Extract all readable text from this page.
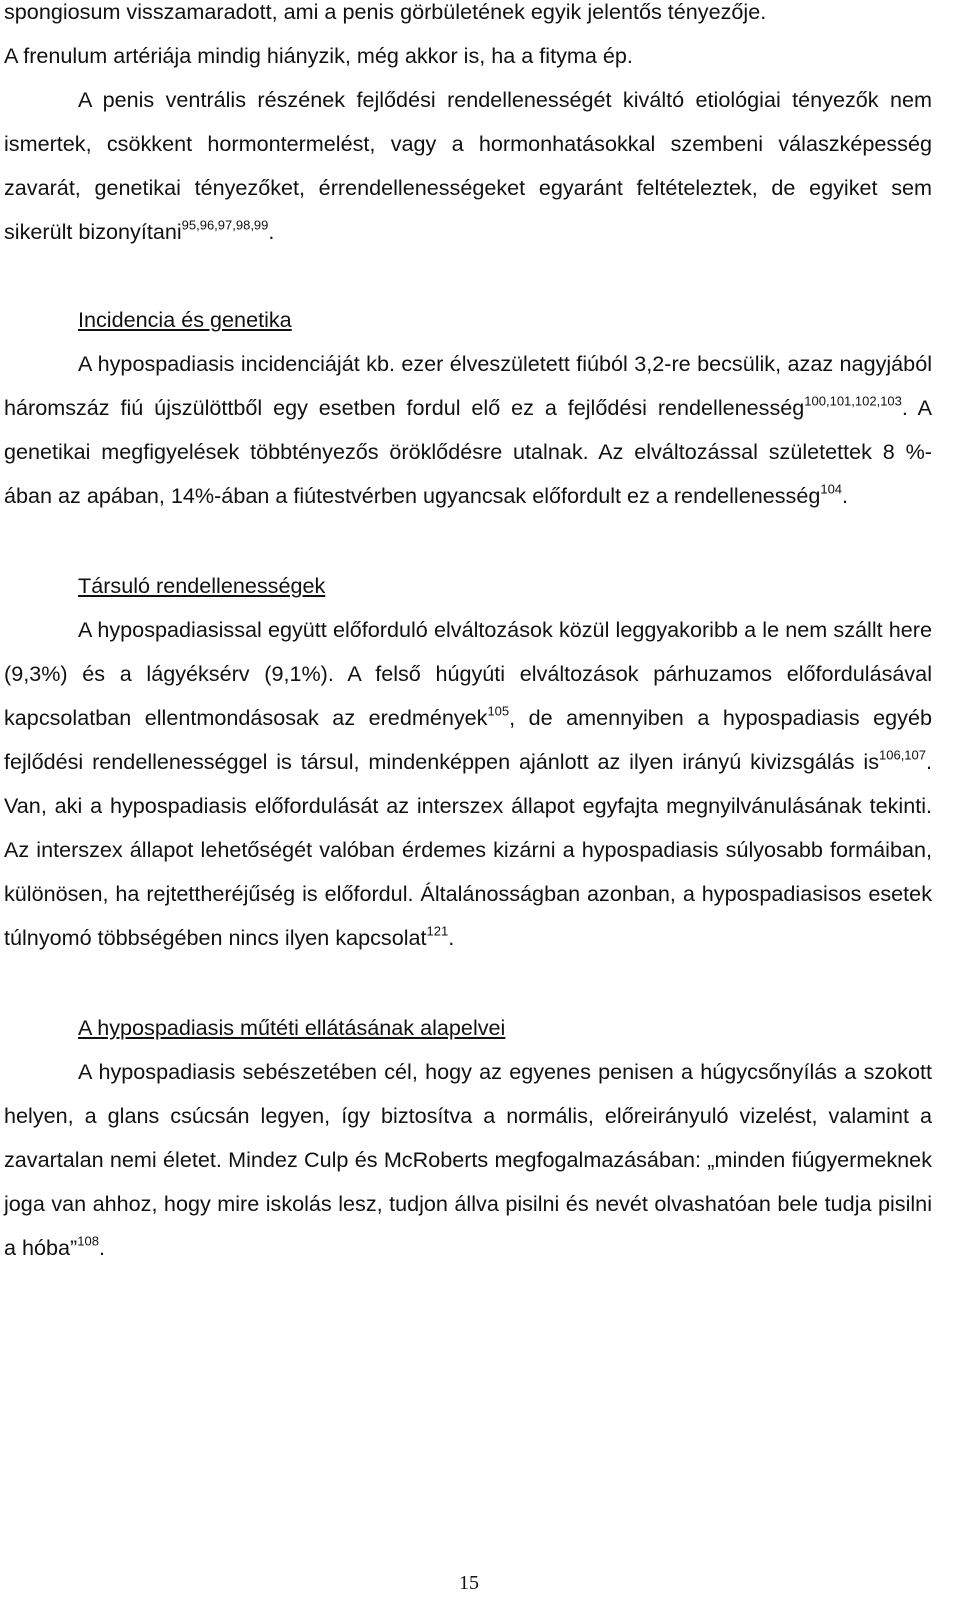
spongiosum visszamaradott, ami a penis görbületének egyik jelentős tényezője.
A frenulum artériája mindig hiányzik, még akkor is, ha a fityma ép.

A penis ventrális részének fejlődési rendellenességét kiváltó etiológiai tényezők nem ismertek, csökkent hormontermelést, vagy a hormonhatásokkal szembeni válaszképesség zavarát, genetikai tényezőket, érrendellenességeket egyaránt feltételeztek, de egyiket sem sikerült bizonyítani$^{95,96,97,98,99}$.

Incidencia és genetika

A hypospadiasis incidenciáját kb. ezer élveszületett fiúból 3,2-re becsülik, azaz nagyjából háromszáz fiú újszülöttből egy esetben fordul elő ez a fejlődési rendellenesség$^{100,101,102,103}$. A genetikai megfigyelések többtényezős öröklődésre utalnak. Az elváltozással születettek 8 %-ában az apában, 14%-ában a fiútestvérben ugyancsak előfordult ez a rendellenesség$^{104}$.

Társuló rendellenességek

A hypospadiasissal együtt előforduló elváltozások közül leggyakoribb a le nem szállt here (9,3%) és a lágyéksérv (9,1%). A felső húgyúti elváltozások párhuzamos előfordulásával kapcsolatban ellentmondásosak az eredmények$^{105}$, de amennyiben a hypospadiasis egyéb fejlődési rendellenességgel is társul, mindenképpen ajánlott az ilyen irányú kivizsgálás is$^{106,107}$. Van, aki a hypospadiasis előfordulását az interszex állapot egyfajta megnyilvánulásának tekinti. Az interszex állapot lehetőségét valóban érdemes kizárni a hypospadiasis súlyosabb formáiban, különösen, ha rejtettheréjűség is előfordul. Általánosságban azonban, a hypospadiasisos esetek túlnyomó többségében nincs ilyen kapcsolat$^{121}$.

A hypospadiasis műtéti ellátásának alapelvei

A hypospadiasis sebészetében cél, hogy az egyenes penisen a húgycsőnyílás a szokott helyen, a glans csúcsán legyen, így biztosítva a normális, előreirányuló vizelést, valamint a zavartalan nemi életet. Mindez Culp és McRoberts megfogalmazásában: „minden fiúgyermeknek joga van ahhoz, hogy mire iskolás lesz, tudjon állva pisilni és nevét olvashatóan bele tudja pisilni a hóba”$^{108}$.

15
